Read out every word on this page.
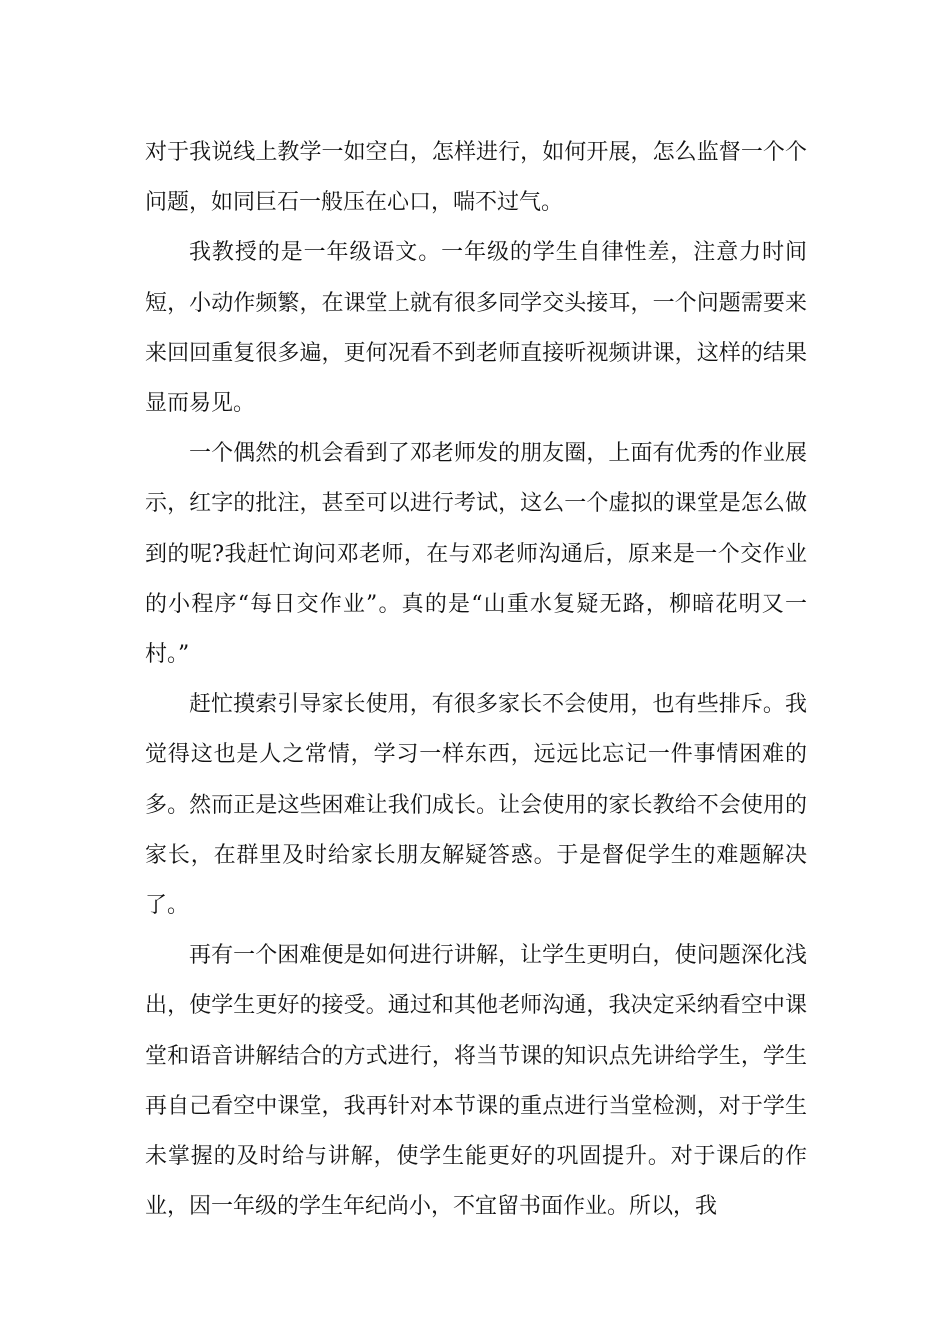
对于我说线上教学一如空白，怎样进行，如何开展，怎么监督一个个问题，如同巨石一般压在心口，喘不过气。

我教授的是一年级语文。一年级的学生自律性差，注意力时间短，小动作频繁，在课堂上就有很多同学交头接耳，一个问题需要来来回回重复很多遍，更何况看不到老师直接听视频讲课，这样的结果显而易见。

一个偶然的机会看到了邓老师发的朋友圈，上面有优秀的作业展示，红字的批注，甚至可以进行考试，这么一个虚拟的课堂是怎么做到的呢?我赶忙询问邓老师，在与邓老师沟通后，原来是一个交作业的小程序“每日交作业”。真的是“山重水复疑无路，柳暗花明又一村。”

赶忙摸索引导家长使用，有很多家长不会使用，也有些排斥。我觉得这也是人之常情，学习一样东西，远远比忘记一件事情困难的多。然而正是这些困难让我们成长。让会使用的家长教给不会使用的家长，在群里及时给家长朋友解疑答惑。于是督促学生的难题解决了。

再有一个困难便是如何进行讲解，让学生更明白，使问题深化浅出，使学生更好的接受。通过和其他老师沟通，我决定采纳看空中课堂和语音讲解结合的方式进行，将当节课的知识点先讲给学生，学生再自己看空中课堂，我再针对本节课的重点进行当堂检测，对于学生未掌握的及时给与讲解，使学生能更好的巩固提升。对于课后的作业，因一年级的学生年纪尚小，不宜留书面作业。所以，我
